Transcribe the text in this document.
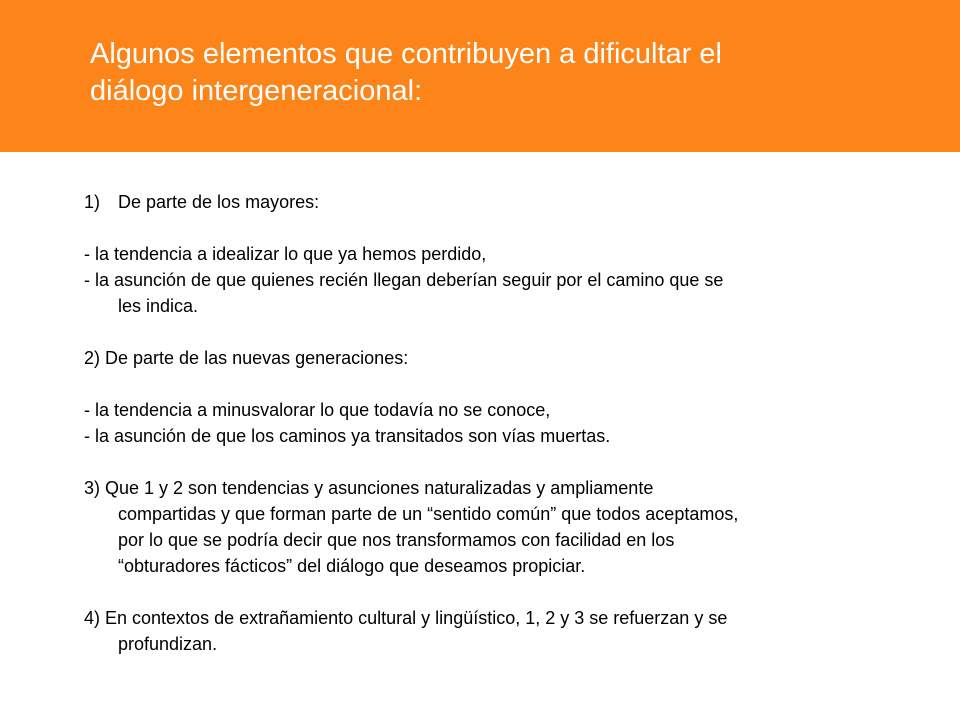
Algunos elementos que contribuyen a dificultar el
diálogo intergeneracional:
1) De parte de los mayores:
- la tendencia a idealizar lo que ya hemos perdido,
- la asunción de que quienes recién llegan deberían seguir por el camino que se
les indica.
2) De parte de las nuevas generaciones:
- la tendencia a minusvalorar lo que todavía no se conoce,
- la asunción de que los caminos ya transitados son vías muertas.
3) Que 1 y 2 son tendencias y asunciones naturalizadas y ampliamente
compartidas y que forman parte de un “sentido común” que todos aceptamos,
por lo que se podría decir que nos transformamos con facilidad en los
“obturadores fácticos” del diálogo que deseamos propiciar.
4) En contextos de extrañamiento cultural y lingüístico, 1, 2 y 3 se refuerzan y se
profundizan.
